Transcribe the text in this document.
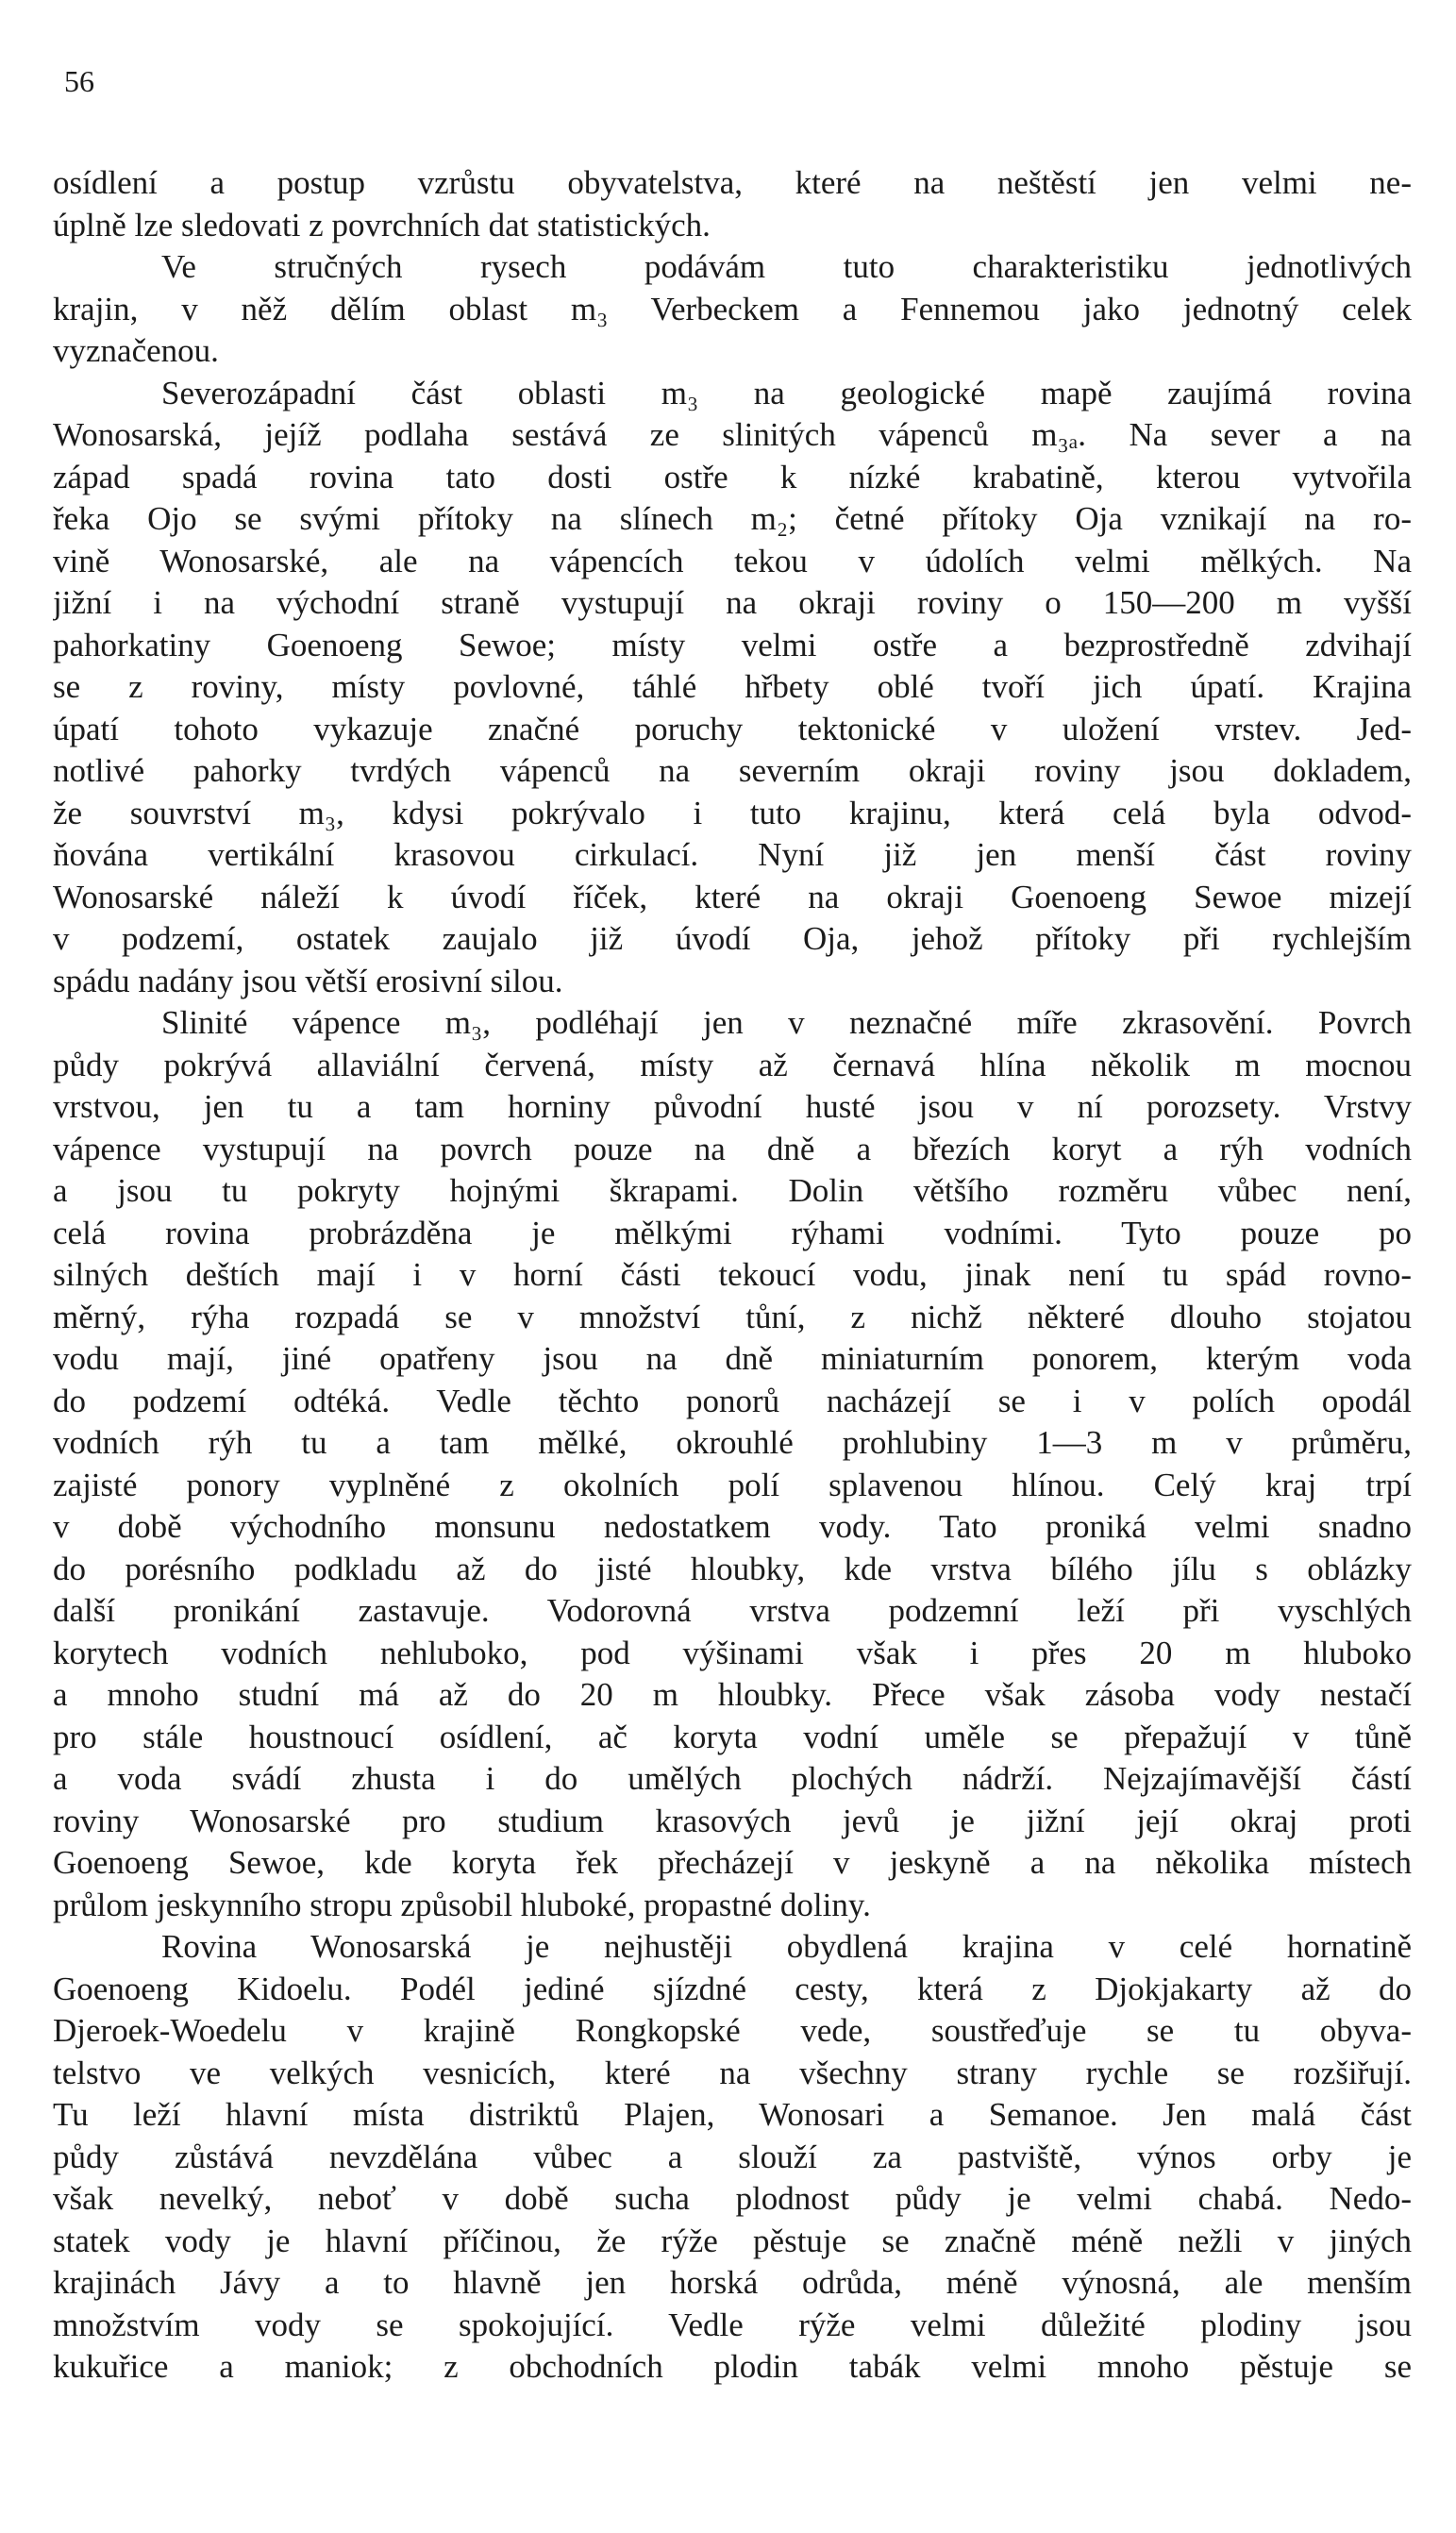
56
osídlení a postup vzrůstu obyvatelstva, které na neštěstí jen velmi ne-
úplně lze sledovati z povrchních dat statistických.
Ve stručných rysech podávám tuto charakteristiku jednotlivých
krajin, v něž dělím oblast m₃ Verbeckem a Fennemou jako jednotný celek
vyznačenou.
Severozápadní část oblasti m₃ na geologické mapě zaujímá rovina
Wonosarská, jejíž podlaha sestává ze slinitých vápenců m₃ₐ. Na sever a na
západ spadá rovina tato dosti ostře k nízké krabatině, kterou vytvořila
řeka Ojo se svými přítoky na slínech m₂; četné přítoky Oja vznikají na ro-
vině Wonosarské, ale na vápencích tekou v údolích velmi mělkých. Na
jižní i na východní straně vystupují na okraji roviny o 150—200 m vyšší
pahorkatiny Goenoeng Sewoe; místy velmi ostře a bezprostředně zdvihají
se z roviny, místy povlovné, táhlé hřbety oblé tvoří jich úpatí. Krajina
úpatí tohoto vykazuje značné poruchy tektonické v uložení vrstev. Jed-
notlivé pahorky tvrdých vápenců na severním okraji roviny jsou dokladem,
že souvrství m₃, kdysi pokrývalo i tuto krajinu, která celá byla odvod-
ňována vertikální krasovou cirkulací. Nyní již jen menší část roviny
Wonosarské náleží k úvodí říček, které na okraji Goenoeng Sewoe mizejí
v podzemí, ostatek zaujalo již úvodí Oja, jehož přítoky při rychlejším
spádu nadány jsou větší erosivní silou.
Slinité vápence m₃, podléhají jen v neznačné míře zkrasovění. Povrch
půdy pokrývá allaviální červená, místy až černavá hlína několik m mocnou
vrstvou, jen tu a tam horniny původní husté jsou v ní porozsety. Vrstvy
vápence vystupují na povrch pouze na dně a březích koryt a rýh vodních
a jsou tu pokryty hojnými škrapami. Dolin většího rozměru vůbec není,
celá rovina probrázděna je mělkými rýhami vodními. Tyto pouze po
silných deštích mají i v horní části tekoucí vodu, jinak není tu spád rovno-
měrný, rýha rozpadá se v množství tůní, z nichž některé dlouho stojatou
vodu mají, jiné opatřeny jsou na dně miniaturním ponorem, kterým voda
do podzemí odtéká. Vedle těchto ponorů nacházejí se i v polích opodál
vodních rýh tu a tam mělké, okrouhlé prohlubiny 1—3 m v průměru,
zajisté ponory vyplněné z okolních polí splavenou hlínou. Celý kraj trpí
v době východního monsunu nedostatkem vody. Tato proniká velmi snadno
do porésního podkladu až do jisté hloubky, kde vrstva bílého jílu s oblázky
další pronikání zastavuje. Vodorovná vrstva podzemní leží při vyschlých
korytech vodních nehluboko, pod výšinami však i přes 20 m hluboko
a mnoho studní má až do 20 m hloubky. Přece však zásoba vody nestačí
pro stále houstnoucí osídlení, ač koryta vodní uměle se přepažují v tůně
a voda svádí zhusta i do umělých plochých nádrží. Nejzajímavější částí
roviny Wonosarské pro studium krasových jevů je jižní její okraj proti
Goenoeng Sewoe, kde koryta řek přecházejí v jeskyně a na několika místech
průlom jeskynního stropu způsobil hluboké, propastné doliny.
Rovina Wonosarská je nejhustěji obydlená krajina v celé hornatině
Goenoeng Kidoelu. Podél jediné sjízdné cesty, která z Djokjakarty až do
Djeroek-Woedelu v krajině Rongkopské vede, soustřeďuje se tu obyva-
telstvo ve velkých vesnicích, které na všechny strany rychle se rozšiřují.
Tu leží hlavní místa distriktů Plajen, Wonosari a Semanoe. Jen malá část
půdy zůstává nevzdělána vůbec a slouží za pastviště, výnos orby je
však nevelký, neboť v době sucha plodnost půdy je velmi chabá. Nedo-
statek vody je hlavní příčinou, že rýže pěstuje se značně méně nežli v jiných
krajinách Jávy a to hlavně jen horská odrůda, méně výnosná, ale menším
množstvím vody se spokojující. Vedle rýže velmi důležité plodiny jsou
kukuřice a maniok; z obchodních plodin tabák velmi mnoho pěstuje se
